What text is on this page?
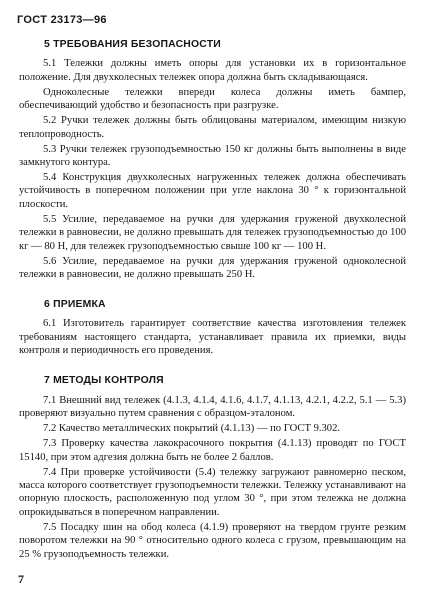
ГОСТ 23173—96
5 ТРЕБОВАНИЯ БЕЗОПАСНОСТИ

5.1 Тележки должны иметь опоры для установки их в горизонтальное положение. Для двухколесных тележек опора должна быть складывающаяся.

Одноколесные тележки впереди колеса должны иметь бампер, обеспечивающий удобство и безопасность при разгрузке.

5.2 Ручки тележек должны быть облицованы материалом, имеющим низкую теплопроводность.

5.3 Ручки тележек грузоподъемностью 150 кг должны быть выполнены в виде замкнутого контура.

5.4 Конструкция двухколесных нагруженных тележек должна обеспечивать устойчивость в поперечном положении при угле наклона 30 ° к горизонтальной плоскости.

5.5 Усилие, передаваемое на ручки для удержания груженой двухколесной тележки в равновесии, не должно превышать для тележек грузоподъемностью до 100 кг — 80 Н, для тележек грузоподъемностью свыше 100 кг — 100 Н.

5.6 Усилие, передаваемое на ручки для удержания груженой одноколесной тележки в равновесии, не должно превышать 250 Н.

6 ПРИЕМКА

6.1 Изготовитель гарантирует соответствие качества изготовления тележек требованиям настоящего стандарта, устанавливает правила их приемки, виды контроля и периодичность его проведения.

7 МЕТОДЫ КОНТРОЛЯ

7.1 Внешний вид тележек (4.1.3, 4.1.4, 4.1.6, 4.1.7, 4.1.13, 4.2.1, 4.2.2, 5.1 — 5.3) проверяют визуально путем сравнения с образцом-эталоном.

7.2 Качество металлических покрытий (4.1.13) — по ГОСТ 9.302.

7.3 Проверку качества лакокрасочного покрытия (4.1.13) проводят по ГОСТ 15140, при этом адгезия должна быть не более 2 баллов.

7.4 При проверке устойчивости (5.4) тележку загружают равномерно песком, масса которого соответствует грузоподъемности тележки. Тележку устанавливают на опорную плоскость, расположенную под углом 30 °, при этом тележка не должна опрокидываться в поперечном направлении.

7.5 Посадку шин на обод колеса (4.1.9) проверяют на твердом грунте резким поворотом тележки на 90 ° относительно одного колеса с грузом, превышающим на 25 % грузоподъемность тележки.

7
